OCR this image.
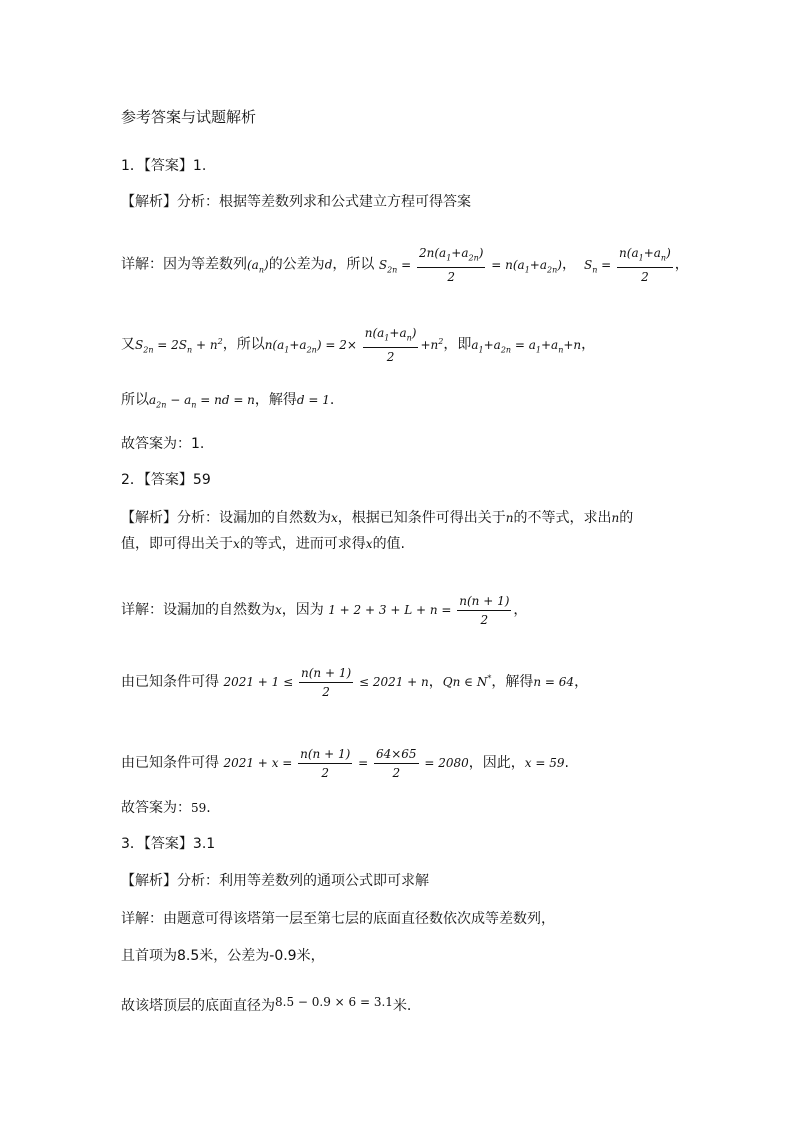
参考答案与试题解析
1．【答案】1.
【解析】分析：根据等差数列求和公式建立方程可得答案
详解：因为等差数列$(a_n)$的公差为d，所以 $S_{2n} = \frac{2n(a_1+a_{2n})}{2} = n(a_1+a_{2n})$， $S_n = \frac{n(a_1+a_n)}{2}$ ，
又$S_{2n} = 2S_n + n^2$，所以$n(a_1+a_{2n}) = 2\times \frac{n(a_1+a_n)}{2} +n^2$，即$a_1+a_{2n} = a_1+a_n+n$，
所以$a_{2n} - a_n$ = nd = n，解得d = 1.
故答案为：1.
2．【答案】59
【解析】分析：设漏加的自然数为x，根据已知条件可得出关于n的不等式，求出n的
值，即可得出关于x的等式，进而可求得x的值.
详解：设漏加的自然数为x，因为 $1 + 2 + 3 + L + n = \frac{n(n + 1)}{2}$ ，
由已知条件可得 $2021 + 1 \le \frac{n(n + 1)}{2} \le 2021 + n$，Qn ∈ N*，解得n = 64，
由已知条件可得 $2021 + x = \frac{n(n + 1)}{2} = \frac{64\times 65}{2} = 2080$，因此，x = 59.
故答案为：59.
3．【答案】3.1
【解析】分析：利用等差数列的通项公式即可求解
详解：由题意可得该塔第一层至第七层的底面直径数依次成等差数列，
且首项为8.5米，公差为-0.9米，
故该塔顶层的底面直径为8.5 − 0.9 × 6 = 3.1米.
